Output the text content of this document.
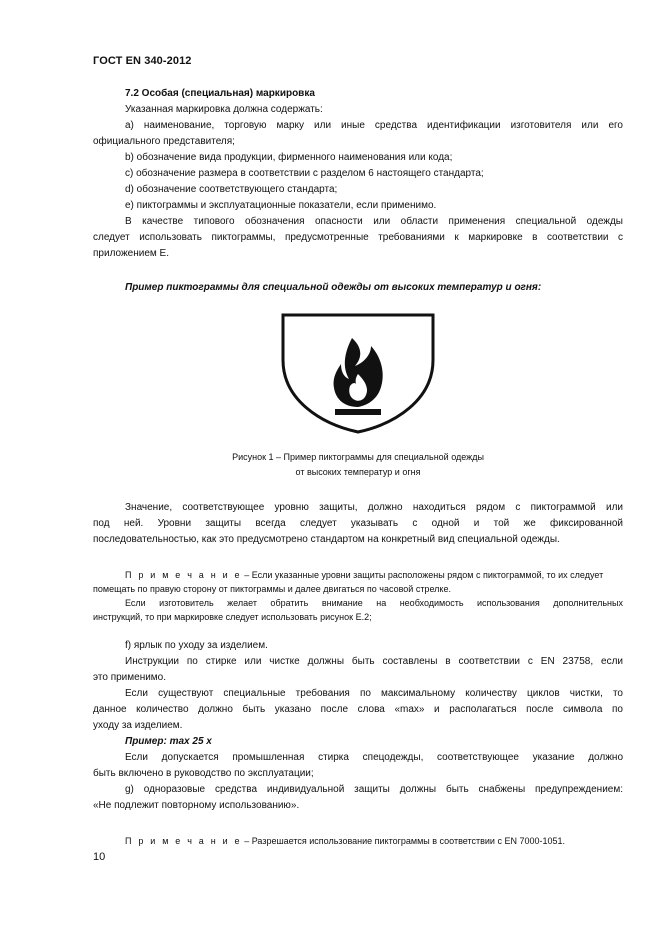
ГОСТ EN 340-2012

7.2 Особая (специальная) маркировка

Указанная маркировка должна содержать:

а) наименование, торговую марку или иные средства идентификации изготовителя или его

официального представителя;

b) обозначение вида продукции, фирменного наименования или кода;

c) обозначение размера в соответствии с разделом 6 настоящего стандарта;

d) обозначение соответствующего стандарта;

е) пиктограммы и эксплуатационные показатели, если применимо.

В качестве типового обозначения опасности или области применения специальной одежды

следует использовать пиктограммы, предусмотренные требованиями к маркировке в соответствии с

приложением Е.

Пример пиктограммы для специальной одежды от высоких температур и огня:

Рисунок 1 – Пример пиктограммы для специальной одежды

от высоких температур и огня

Значение, соответствующее уровню защиты, должно находиться рядом с пиктограммой или

под ней. Уровни защиты всегда следует указывать с одной и той же фиксированной

последовательностью, как это предусмотрено стандартом на конкретный вид специальной одежды.

П р и м е ч а н и е – Если указанные уровни защиты расположены рядом с пиктограммой, то их следует

помещать по правую сторону от пиктограммы и далее двигаться по часовой стрелке.

Если изготовитель желает обратить внимание на необходимость использования дополнительных

инструкций, то при маркировке следует использовать рисунок Е.2;

f) ярлык по уходу за изделием.

Инструкции по стирке или чистке должны быть составлены в соответствии с EN 23758, если

это применимо.

Если существуют специальные требования по максимальному количеству циклов чистки, то

данное количество должно быть указано после слова «max» и располагаться после символа по

уходу за изделием.

Пример: max 25 x

Если допускается промышленная стирка спецодежды, соответствующее указание должно

быть включено в руководство по эксплуатации;

g) одноразовые средства индивидуальной защиты должны быть снабжены предупреждением:

«Не подлежит повторному использованию».

П р и м е ч а н и е – Разрешается использование пиктограммы в соответствии с EN 7000-1051.

10
